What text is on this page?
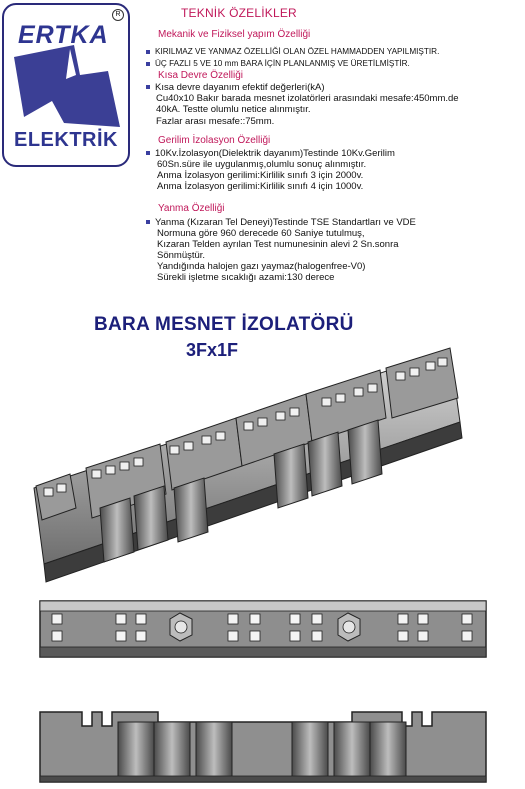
ERTKA
ELEKTRİK
R	TEKNİK ÖZELİKLER
Mekanik ve Fiziksel yapım Özelliği
KIRILMAZ VE YANMAZ ÖZELLİĞİ OLAN ÖZEL HAMMADDEN YAPILMIŞTIR.
ÜÇ FAZLI 5 VE 10 mm BARA İÇİN PLANLANMIŞ VE ÜRETİLMİŞTİR.
Kısa Devre Özelliği
Kısa devre dayanım efektif değerleri(kA)
Cu40x10 Bakır barada mesnet izolatörleri arasındaki mesafe:450mm.de
40kA. Testte olumlu netice alınmıştır.
Fazlar arası mesafe::75mm.
Gerilim İzolasyon Özelliği
10Kv.İzolasyon(Dielektrik dayanım)Testinde 10Kv.Gerilim
60Sn.süre ile uygulanmış,olumlu sonuç alınmıştır.
Anma İzolasyon gerilimi:Kirlilik sınıfı 3 için 2000v.
Anma İzolasyon gerilimi:Kirlilik sınıfı 4 için 1000v.
Yanma Özelliği
Yanma (Kızaran Tel Deneyi)Testinde TSE Standartları ve VDE
Normuna göre 960 derecede 60 Saniye tutulmuş,
Kızaran Telden ayrılan Test numunesinin alevi 2 Sn.sonra
Sönmüştür.
Yandığında halojen gazı yaymaz(halogenfree-V0)
Sürekli işletme sıcaklığı azami:130 derece
BARA MESNET İZOLATÖRÜ
3Fx1F
